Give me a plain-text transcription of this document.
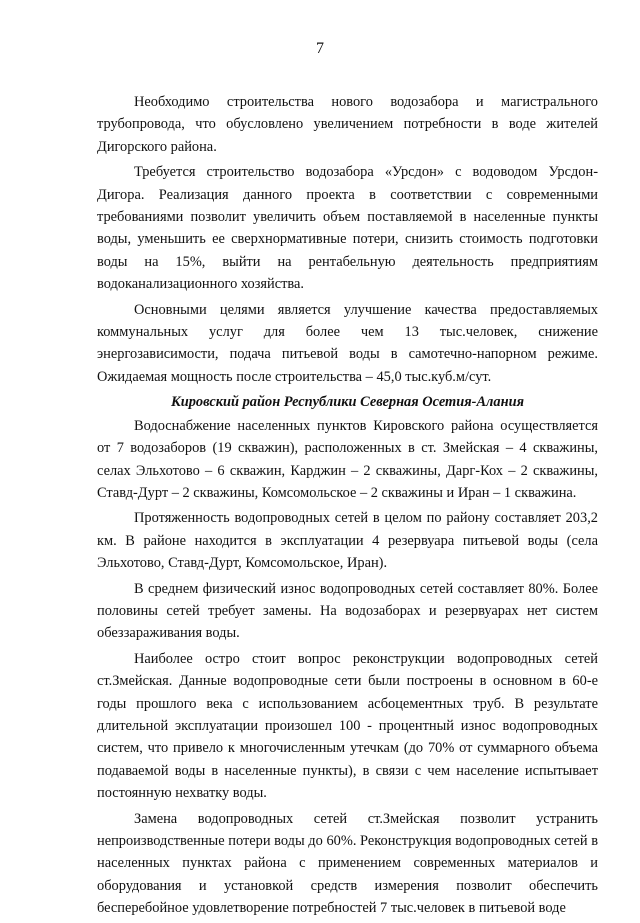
7

Необходимо строительства нового водозабора и магистрального трубопровода, что обусловлено увеличением потребности в воде жителей Дигорского района.

Требуется строительство водозабора «Урсдон» с водоводом Урсдон-Дигора. Реализация данного проекта в соответствии с современными требованиями позволит увеличить объем поставляемой в населенные пункты воды, уменьшить ее сверхнормативные потери, снизить стоимость подготовки воды на 15%, выйти на рентабельную деятельность предприятиям водоканализационного хозяйства.

Основными целями является улучшение качества предоставляемых коммунальных услуг для более чем 13 тыс.человек, снижение энергозависимости, подача питьевой воды в самотечно-напорном режиме. Ожидаемая мощность после строительства – 45,0 тыс.куб.м/сут.

Кировский район Республики Северная Осетия-Алания

Водоснабжение населенных пунктов Кировского района осуществляется от 7 водозаборов (19 скважин), расположенных в ст. Змейская – 4 скважины, селах Эльхотово – 6 скважин, Карджин – 2 скважины, Дарг-Кох – 2 скважины, Ставд-Дурт – 2 скважины, Комсомольское – 2 скважины и Иран – 1 скважина.

Протяженность водопроводных сетей в целом по району составляет 203,2 км. В районе находится в эксплуатации 4 резервуара питьевой воды (села Эльхотово, Ставд-Дурт, Комсомольское, Иран).

В среднем физический износ водопроводных сетей составляет 80%. Более половины сетей требует замены. На водозаборах и резервуарах нет систем обеззараживания воды.

Наиболее остро стоит вопрос реконструкции водопроводных сетей ст.Змейская. Данные водопроводные сети были построены в основном в 60-е годы прошлого века с использованием асбоцементных труб. В результате длительной эксплуатации произошел 100 - процентный износ водопроводных систем, что привело к многочисленным утечкам (до 70% от суммарного объема подаваемой воды в населенные пункты), в связи с чем население испытывает постоянную нехватку воды.

Замена водопроводных сетей ст.Змейская позволит устранить непроизводственные потери воды до 60%. Реконструкция водопроводных сетей в населенных пунктах района с применением современных материалов и оборудования и установкой средств измерения позволит обеспечить бесперебойное удовлетворение потребностей 7 тыс.человек в питьевой воде
